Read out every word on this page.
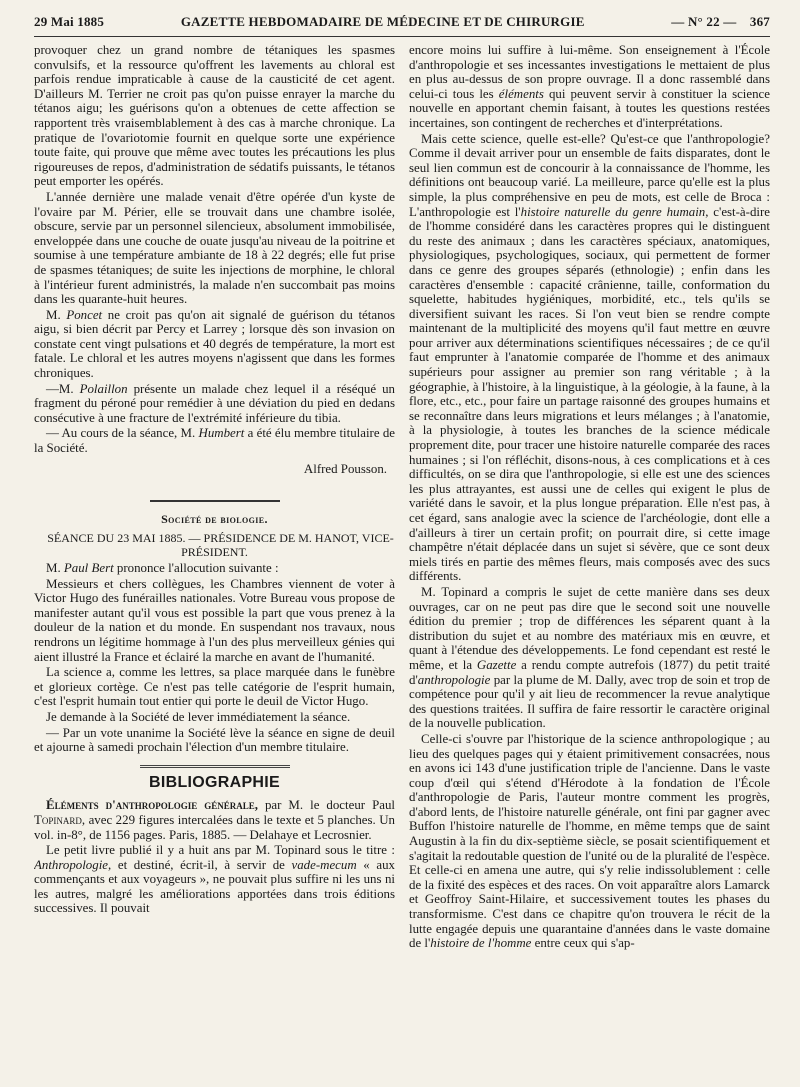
29 Mai 1885	GAZETTE HEBDOMADAIRE DE MÉDECINE ET DE CHIRURGIE	— N° 22 — 367

provoquer chez un grand nombre de tétaniques les spasmes convulsifs, et la ressource qu'offrent les lavements au chloral est parfois rendue impraticable à cause de la causticité de cet agent. D'ailleurs M. Terrier ne croit pas qu'on puisse enrayer la marche du tétanos aigu; les guérisons qu'on a obtenues de cette affection se rapportent très vraisemblablement à des cas à marche chronique. La pratique de l'ovariotomie fournit en quelque sorte une expérience toute faite, qui prouve que même avec toutes les précautions les plus rigoureuses de repos, d'administration de sédatifs puissants, le tétanos peut emporter les opérés.

L'année dernière une malade venait d'être opérée d'un kyste de l'ovaire par M. Périer, elle se trouvait dans une chambre isolée, obscure, servie par un personnel silencieux, absolument immobilisée, enveloppée dans une couche de ouate jusqu'au niveau de la poitrine et soumise à une température ambiante de 18 à 22 degrés; elle fut prise de spasmes tétaniques; de suite les injections de morphine, le chloral à l'intérieur furent administrés, la malade n'en succombait pas moins dans les quarante-huit heures.

M. Poncet ne croit pas qu'on ait signalé de guérison du tétanos aigu, si bien décrit par Percy et Larrey ; lorsque dès son invasion on constate cent vingt pulsations et 40 degrés de température, la mort est fatale. Le chloral et les autres moyens n'agissent que dans les formes chroniques.

—M. Polaillon présente un malade chez lequel il a réséqué un fragment du péroné pour remédier à une déviation du pied en dedans consécutive à une fracture de l'extrémité inférieure du tibia.

— Au cours de la séance, M. Humbert a été élu membre titulaire de la Société.

Alfred Pousson.

Société de biologie.

SÉANCE DU 23 MAI 1885. — PRÉSIDENCE DE M. HANOT, VICE-PRÉSIDENT.

M. Paul Bert prononce l'allocution suivante :

Messieurs et chers collègues, les Chambres viennent de voter à Victor Hugo des funérailles nationales. Votre Bureau vous propose de manifester autant qu'il vous est possible la part que vous prenez à la douleur de la nation et du monde. En suspendant nos travaux, nous rendrons un légitime hommage à l'un des plus merveilleux génies qui aient illustré la France et éclairé la marche en avant de l'humanité.

La science a, comme les lettres, sa place marquée dans le funèbre et glorieux cortège. Ce n'est pas telle catégorie de l'esprit humain, c'est l'esprit humain tout entier qui porte le deuil de Victor Hugo.

Je demande à la Société de lever immédiatement la séance.

— Par un vote unanime la Société lève la séance en signe de deuil et ajourne à samedi prochain l'élection d'un membre titulaire.

BIBLIOGRAPHIE

Éléments d'anthropologie générale, par M. le docteur Paul Topinard, avec 229 figures intercalées dans le texte et 5 planches. Un vol. in-8°, de 1156 pages. Paris, 1885. — Delahaye et Lecrosnier.

Le petit livre publié il y a huit ans par M. Topinard sous le titre : Anthropologie, et destiné, écrit-il, à servir de vade-mecum « aux commençants et aux voyageurs », ne pouvait plus suffire ni les uns ni les autres, malgré les améliorations apportées dans trois éditions successives. Il pouvait

encore moins lui suffire à lui-même. Son enseignement à l'École d'anthropologie et ses incessantes investigations le mettaient de plus en plus au-dessus de son propre ouvrage. Il a donc rassemblé dans celui-ci tous les éléments qui peuvent servir à constituer la science nouvelle en apportant chemin faisant, à toutes les questions restées incertaines, son contingent de recherches et d'interprétations.

Mais cette science, quelle est-elle? Qu'est-ce que l'anthropologie? Comme il devait arriver pour un ensemble de faits disparates, dont le seul lien commun est de concourir à la connaissance de l'homme, les définitions ont beaucoup varié. La meilleure, parce qu'elle est la plus simple, la plus compréhensive en peu de mots, est celle de Broca : L'anthropologie est l'histoire naturelle du genre humain, c'est-à-dire de l'homme considéré dans les caractères propres qui le distinguent du reste des animaux ; dans les caractères spéciaux, anatomiques, physiologiques, psychologiques, sociaux, qui permettent de former dans ce genre des groupes séparés (ethnologie) ; enfin dans les caractères d'ensemble : capacité crânienne, taille, conformation du squelette, habitudes hygiéniques, morbidité, etc., tels qu'ils se diversifient suivant les races. Si l'on veut bien se rendre compte maintenant de la multiplicité des moyens qu'il faut mettre en œuvre pour arriver aux déterminations scientifiques nécessaires ; de ce qu'il faut emprunter à l'anatomie comparée de l'homme et des animaux supérieurs pour assigner au premier son rang véritable ; à la géographie, à l'histoire, à la linguistique, à la géologie, à la faune, à la flore, etc., etc., pour faire un partage raisonné des groupes humains et se reconnaître dans leurs migrations et leurs mélanges ; à l'anatomie, à la physiologie, à toutes les branches de la science médicale proprement dite, pour tracer une histoire naturelle comparée des races humaines ; si l'on réfléchit, disons-nous, à ces complications et à ces difficultés, on se dira que l'anthropologie, si elle est une des sciences les plus attrayantes, est aussi une de celles qui exigent le plus de variété dans le savoir, et la plus longue préparation. Elle n'est pas, à cet égard, sans analogie avec la science de l'archéologie, dont elle a d'ailleurs à tirer un certain profit; on pourrait dire, si cette image champêtre n'était déplacée dans un sujet si sévère, que ce sont deux miels tirés en partie des mêmes fleurs, mais composés avec des sucs différents.

M. Topinard a compris le sujet de cette manière dans ses deux ouvrages, car on ne peut pas dire que le second soit une nouvelle édition du premier ; trop de différences les séparent quant à la distribution du sujet et au nombre des matériaux mis en œuvre, et quant à l'étendue des développements. Le fond cependant est resté le même, et la Gazette a rendu compte autrefois (1877) du petit traité d'anthropologie par la plume de M. Dally, avec trop de soin et trop de compétence pour qu'il y ait lieu de recommencer la revue analytique des questions traitées. Il suffira de faire ressortir le caractère original de la nouvelle publication.

Celle-ci s'ouvre par l'historique de la science anthropologique ; au lieu des quelques pages qui y étaient primitivement consacrées, nous en avons ici 143 d'une justification triple de l'ancienne. Dans le vaste coup d'œil qui s'étend d'Hérodote à la fondation de l'École d'anthropologie de Paris, l'auteur montre comment les progrès, d'abord lents, de l'histoire naturelle générale, ont fini par gagner avec Buffon l'histoire naturelle de l'homme, en même temps que de saint Augustin à la fin du dix-septième siècle, se posait scientifiquement et s'agitait la redoutable question de l'unité ou de la pluralité de l'espèce. Et celle-ci en amena une autre, qui s'y relie indissolublement : celle de la fixité des espèces et des races. On voit apparaître alors Lamarck et Geoffroy Saint-Hilaire, et successivement toutes les phases du transformisme. C'est dans ce chapitre qu'on trouvera le récit de la lutte engagée depuis une quarantaine d'années dans le vaste domaine de l'histoire de l'homme entre ceux qui s'ap-
